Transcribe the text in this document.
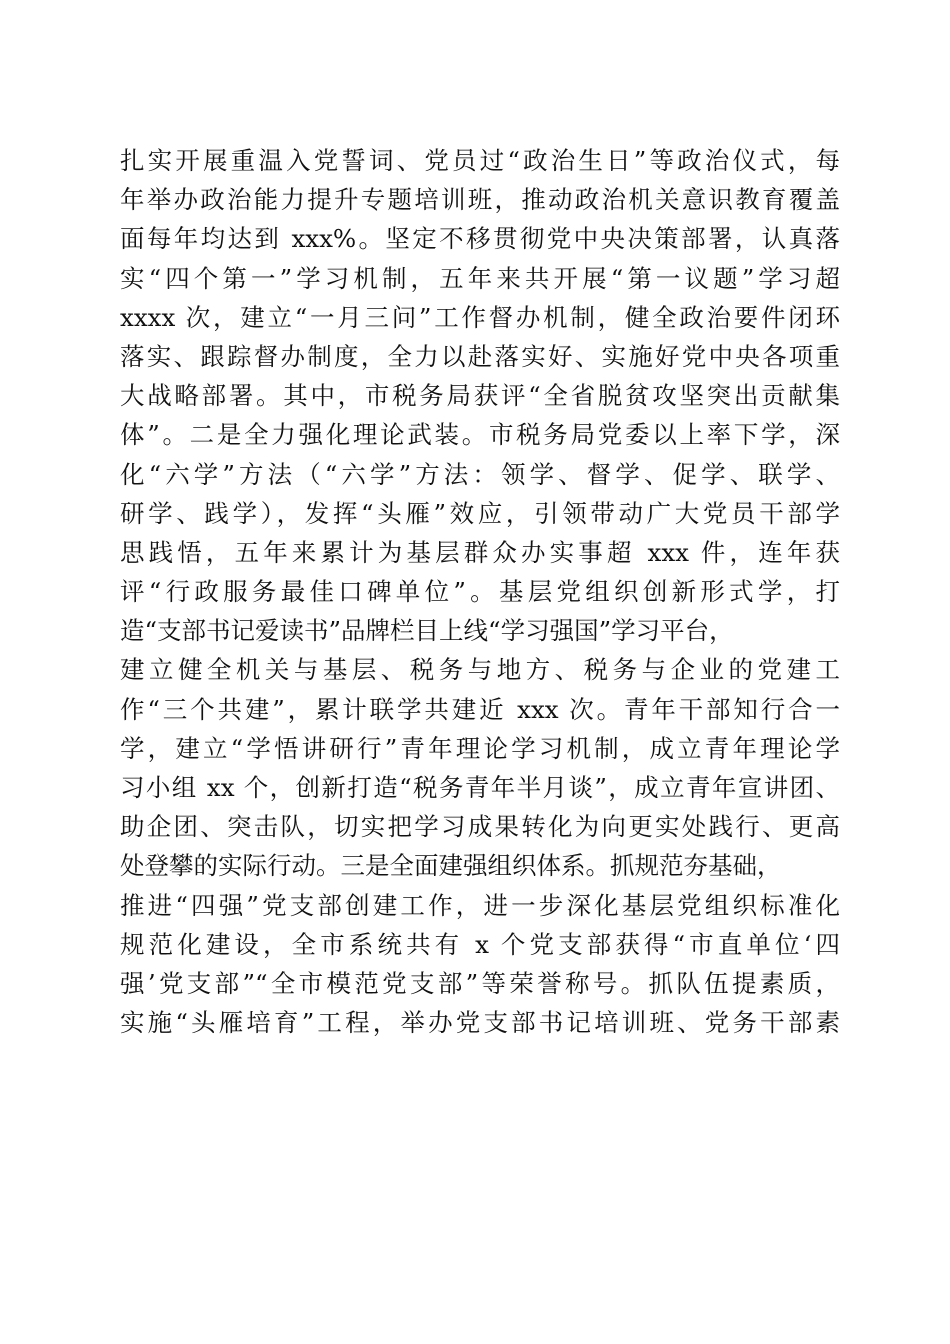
扎实开展重温入党誓词、党员过“政治生日”等政治仪式，每
年举办政治能力提升专题培训班，推动政治机关意识教育覆盖
面每年均达到 xxx%。坚定不移贯彻党中央决策部署，认真落
实“四个第一”学习机制，五年来共开展“第一议题”学习超
xxxx 次，建立“一月三问”工作督办机制，健全政治要件闭环
落实、跟踪督办制度，全力以赴落实好、实施好党中央各项重
大战略部署。其中，市税务局获评“全省脱贫攻坚突出贡献集
体”。二是全力强化理论武装。市税务局党委以上率下学，深
化“六学”方法（“六学”方法：领学、督学、促学、联学、
研学、践学），发挥“头雁”效应，引领带动广大党员干部学
思践悟，五年来累计为基层群众办实事超 xxx 件，连年获
评“行政服务最佳口碑单位”。基层党组织创新形式学，打
造“支部书记爱读书”品牌栏目上线“学习强国”学习平台，
建立健全机关与基层、税务与地方、税务与企业的党建工
作“三个共建”，累计联学共建近 xxx 次。青年干部知行合一
学，建立“学悟讲研行”青年理论学习机制，成立青年理论学
习小组 xx 个，创新打造“税务青年半月谈”，成立青年宣讲团、
助企团、突击队，切实把学习成果转化为向更实处践行、更高
处登攀的实际行动。三是全面建强组织体系。抓规范夯基础，
推进“四强”党支部创建工作，进一步深化基层党组织标准化
规范化建设，全市系统共有 x 个党支部获得“市直单位‘四
强’党支部”“全市模范党支部”等荣誉称号。抓队伍提素质，
实施“头雁培育”工程，举办党支部书记培训班、党务干部素
